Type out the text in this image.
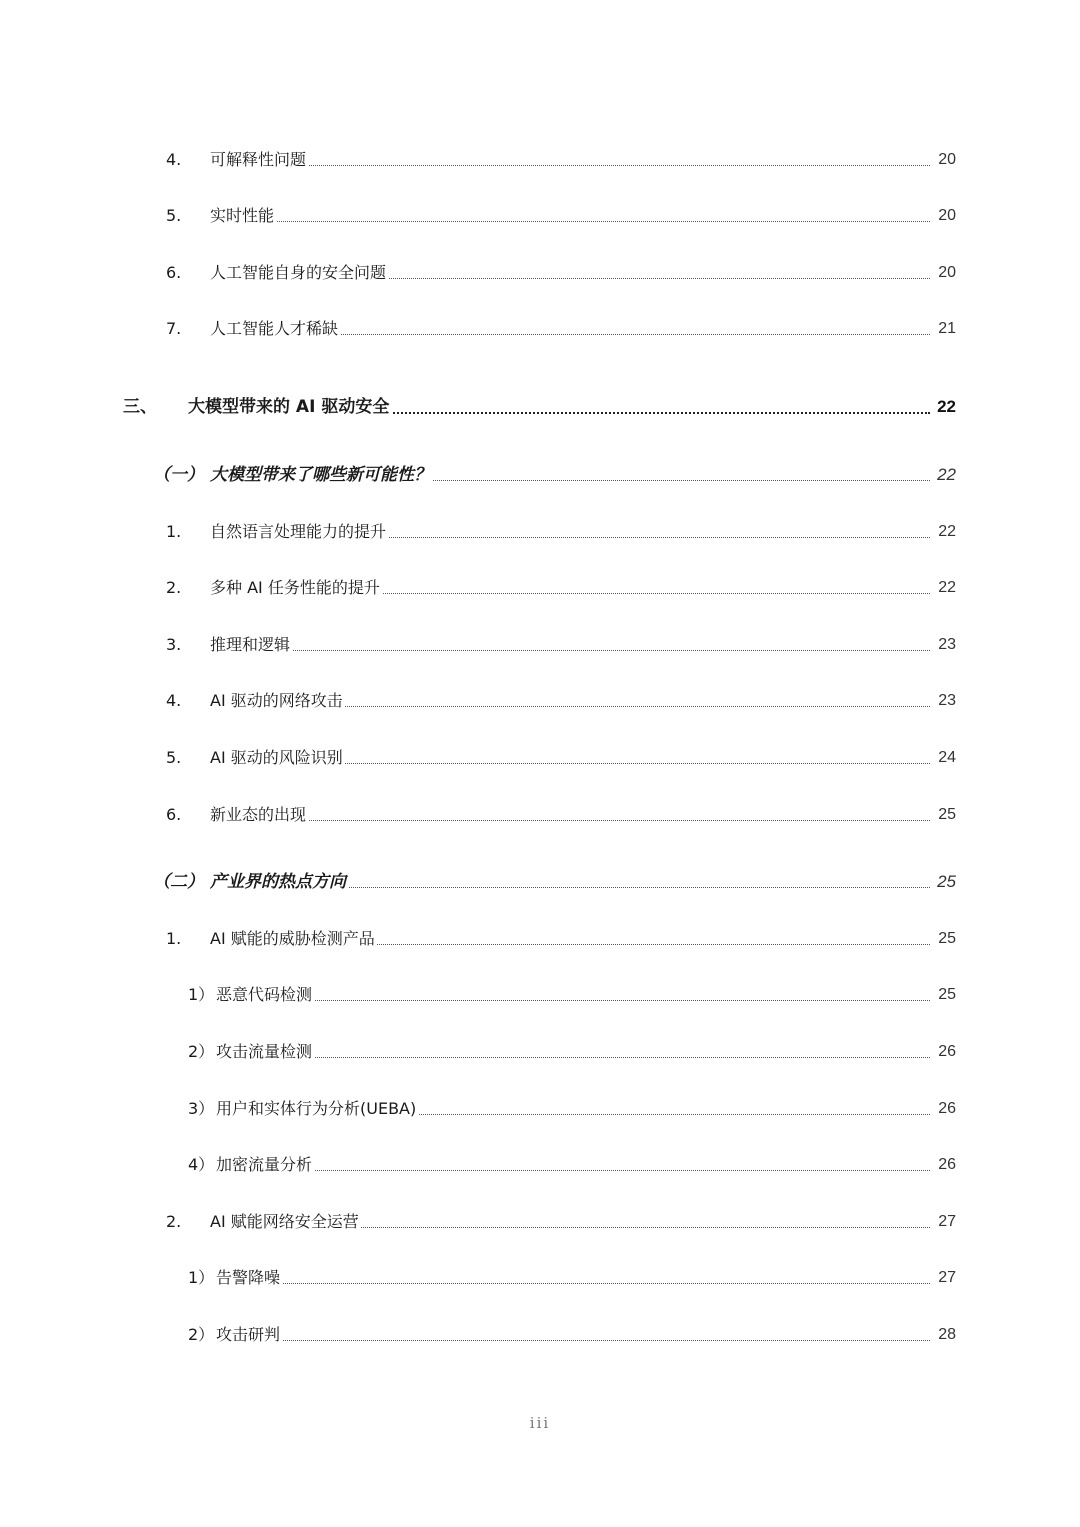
4. 可解释性问题	20
5. 实时性能	20
6. 人工智能自身的安全问题	20
7. 人工智能人才稀缺	21
三、 大模型带来的 AI 驱动安全	22
（一） 大模型带来了哪些新可能性？	22
1. 自然语言处理能力的提升	22
2. 多种 AI 任务性能的提升	22
3. 推理和逻辑	23
4. AI 驱动的网络攻击	23
5. AI 驱动的风险识别	24
6. 新业态的出现	25
（二） 产业界的热点方向	25
1. AI 赋能的威胁检测产品	25
1） 恶意代码检测	25
2） 攻击流量检测	26
3） 用户和实体行为分析(UEBA)	26
4） 加密流量分析	26
2. AI 赋能网络安全运营	27
1） 告警降噪	27
2） 攻击研判	28
iii
